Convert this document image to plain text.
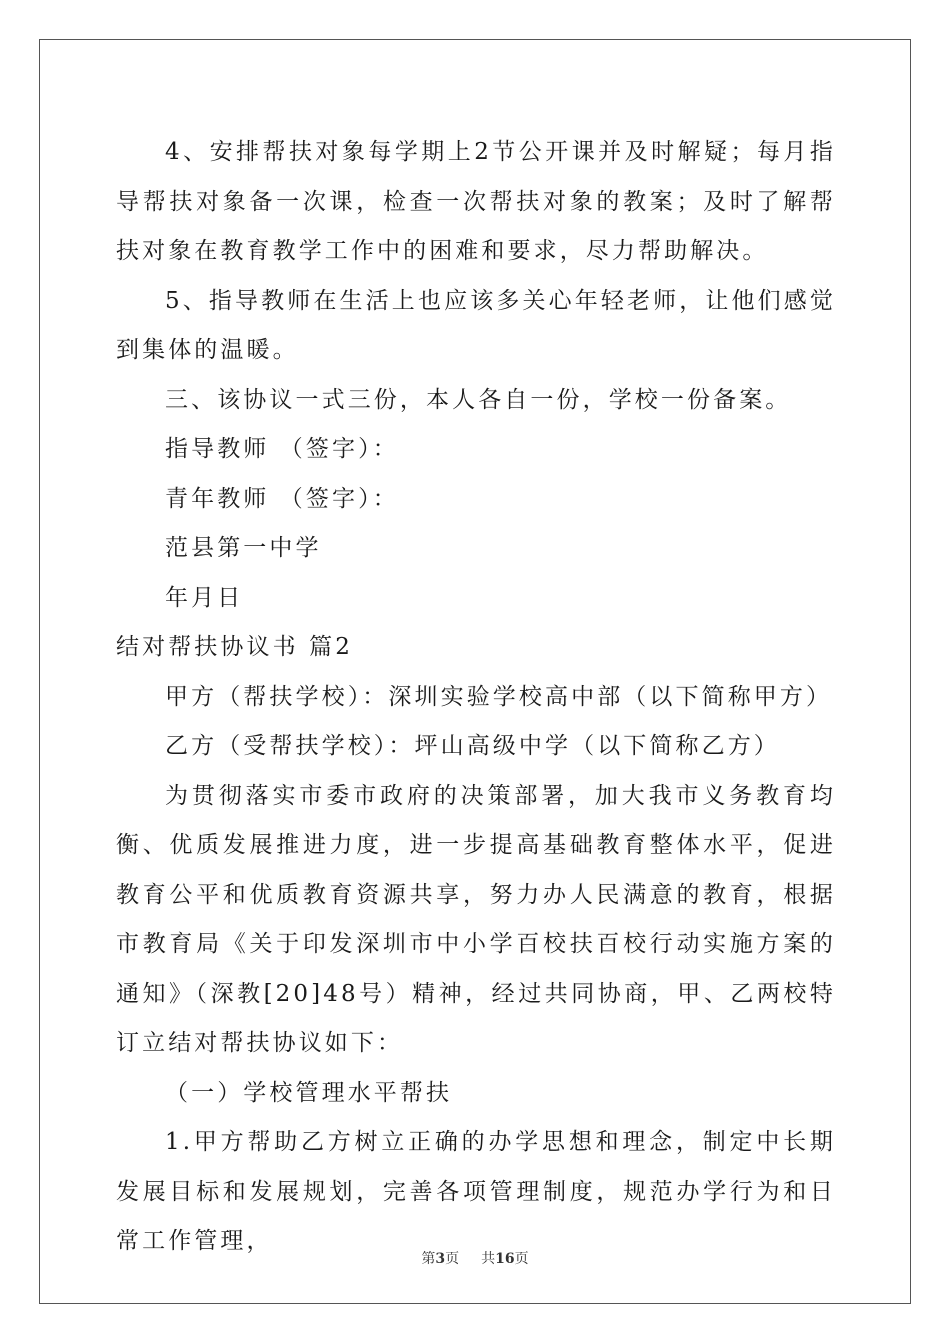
4、安排帮扶对象每学期上2节公开课并及时解疑；每月指导帮扶对象备一次课，检查一次帮扶对象的教案；及时了解帮扶对象在教育教学工作中的困难和要求，尽力帮助解决。

5、指导教师在生活上也应该多关心年轻老师，让他们感觉到集体的温暖。

三、该协议一式三份，本人各自一份，学校一份备案。

指导教师 （签字）：

青年教师 （签字）：

范县第一中学

年月日

结对帮扶协议书 篇2

甲方（帮扶学校）：深圳实验学校高中部（以下简称甲方）

乙方（受帮扶学校）：坪山高级中学（以下简称乙方）

为贯彻落实市委市政府的决策部署，加大我市义务教育均衡、优质发展推进力度，进一步提高基础教育整体水平，促进教育公平和优质教育资源共享，努力办人民满意的教育，根据市教育局《关于印发深圳市中小学百校扶百校行动实施方案的通知》（深教[20]48号）精神，经过共同协商，甲、乙两校特订立结对帮扶协议如下：

（一）学校管理水平帮扶

1.甲方帮助乙方树立正确的办学思想和理念，制定中长期发展目标和发展规划，完善各项管理制度，规范办学行为和日常工作管理，

第3页 共16页
